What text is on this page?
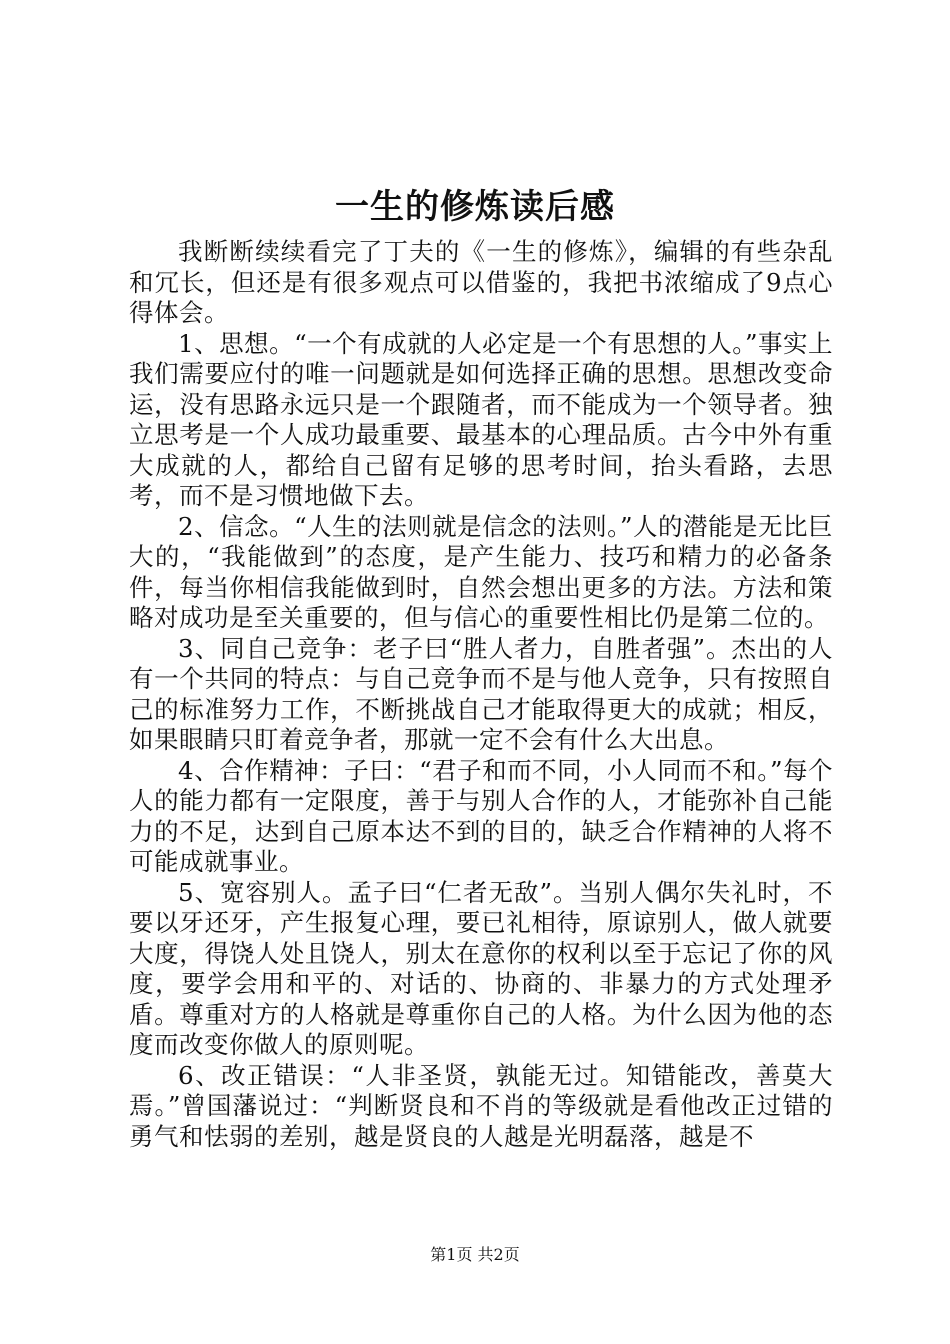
一生的修炼读后感

我断断续续看完了丁夫的《一生的修炼》，编辑的有些杂乱和冗长，但还是有很多观点可以借鉴的，我把书浓缩成了9点心得体会。

1、思想。“一个有成就的人必定是一个有思想的人。”事实上我们需要应付的唯一问题就是如何选择正确的思想。思想改变命运，没有思路永远只是一个跟随者，而不能成为一个领导者。独立思考是一个人成功最重要、最基本的心理品质。古今中外有重大成就的人，都给自己留有足够的思考时间，抬头看路，去思考，而不是习惯地做下去。

2、信念。“人生的法则就是信念的法则。”人的潜能是无比巨大的，“我能做到”的态度，是产生能力、技巧和精力的必备条件，每当你相信我能做到时，自然会想出更多的方法。方法和策略对成功是至关重要的，但与信心的重要性相比仍是第二位的。

3、同自己竞争：老子曰“胜人者力，自胜者强”。杰出的人有一个共同的特点：与自己竞争而不是与他人竞争，只有按照自己的标准努力工作，不断挑战自己才能取得更大的成就；相反，如果眼睛只盯着竞争者，那就一定不会有什么大出息。

4、合作精神：子曰：“君子和而不同，小人同而不和。”每个人的能力都有一定限度，善于与别人合作的人，才能弥补自己能力的不足，达到自己原本达不到的目的，缺乏合作精神的人将不可能成就事业。

5、宽容别人。孟子曰“仁者无敌”。当别人偶尔失礼时，不要以牙还牙，产生报复心理，要已礼相待，原谅别人，做人就要大度，得饶人处且饶人，别太在意你的权利以至于忘记了你的风度，要学会用和平的、对话的、协商的、非暴力的方式处理矛盾。尊重对方的人格就是尊重你自己的人格。为什么因为他的态度而改变你做人的原则呢。

6、改正错误：“人非圣贤，孰能无过。知错能改，善莫大焉。”曾国藩说过：“判断贤良和不肖的等级就是看他改正过错的勇气和怯弱的差别，越是贤良的人越是光明磊落，越是不

第1页 共2页
